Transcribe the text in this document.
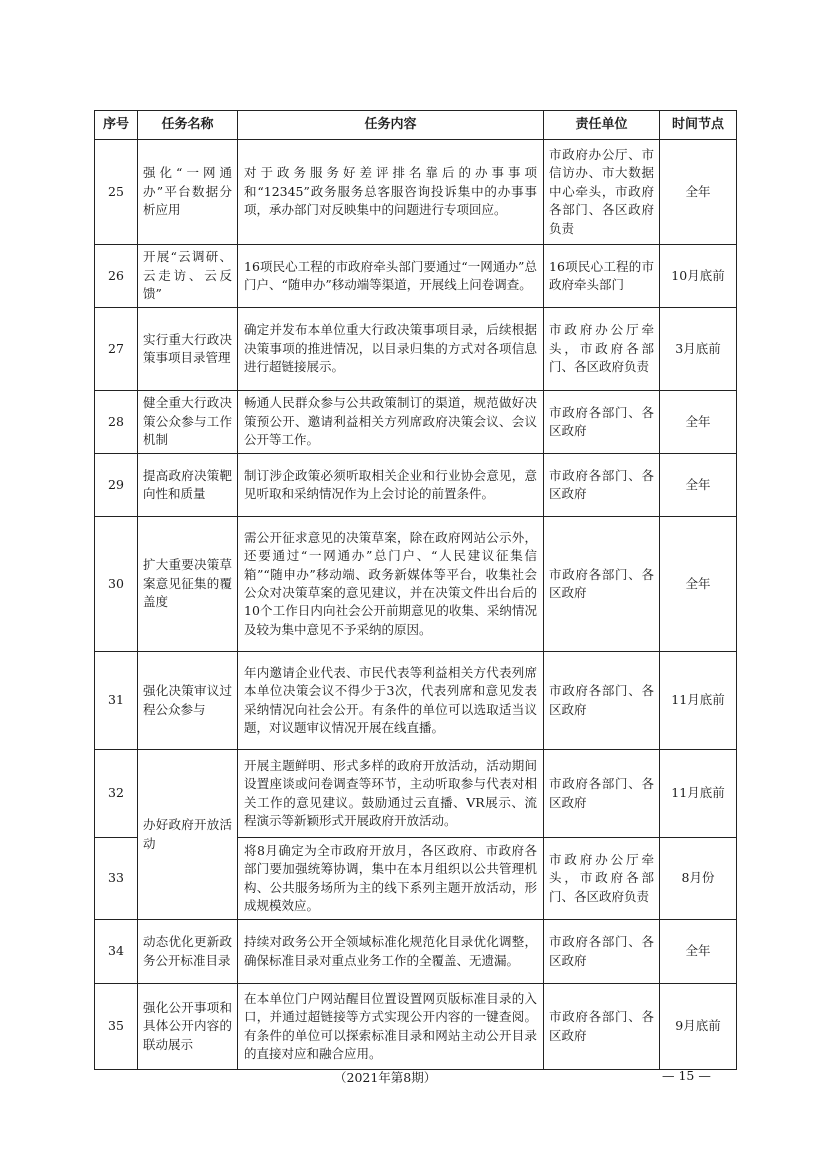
序号	任务名称	任务内容	责任单位	时间节点
25	强化“一网通办”平台数据分析应用	对于政务服务好差评排名靠后的办事事项和“12345”政务服务总客服咨询投诉集中的办事事项，承办部门对反映集中的问题进行专项回应。	市政府办公厅、市信访办、市大数据中心牵头，市政府各部门、各区政府负责	全年
26	开展“云调研、云走访、云反馈”	16项民心工程的市政府牵头部门要通过“一网通办”总门户、“随申办”移动端等渠道，开展线上问卷调查。	16项民心工程的市政府牵头部门	10月底前
27	实行重大行政决策事项目录管理	确定并发布本单位重大行政决策事项目录，后续根据决策事项的推进情况，以目录归集的方式对各项信息进行超链接展示。	市政府办公厅牵头，市政府各部门、各区政府负责	3月底前
28	健全重大行政决策公众参与工作机制	畅通人民群众参与公共政策制订的渠道，规范做好决策预公开、邀请利益相关方列席政府决策会议、会议公开等工作。	市政府各部门、各区政府	全年
29	提高政府决策靶向性和质量	制订涉企政策必须听取相关企业和行业协会意见，意见听取和采纳情况作为上会讨论的前置条件。	市政府各部门、各区政府	全年
30	扩大重要决策草案意见征集的覆盖度	需公开征求意见的决策草案，除在政府网站公示外，还要通过“一网通办”总门户、“人民建议征集信箱”“随申办”移动端、政务新媒体等平台，收集社会公众对决策草案的意见建议，并在决策文件出台后的10个工作日内向社会公开前期意见的收集、采纳情况及较为集中意见不予采纳的原因。	市政府各部门、各区政府	全年
31	强化决策审议过程公众参与	年内邀请企业代表、市民代表等利益相关方代表列席本单位决策会议不得少于3次，代表列席和意见发表采纳情况向社会公开。有条件的单位可以选取适当议题，对议题审议情况开展在线直播。	市政府各部门、各区政府	11月底前
32	办好政府开放活动	开展主题鲜明、形式多样的政府开放活动，活动期间设置座谈或问卷调查等环节，主动听取参与代表对相关工作的意见建议。鼓励通过云直播、VR展示、流程演示等新颖形式开展政府开放活动。	市政府各部门、各区政府	11月底前
33		将8月确定为全市政府开放月，各区政府、市政府各部门要加强统筹协调，集中在本月组织以公共管理机构、公共服务场所为主的线下系列主题开放活动，形成规模效应。	市政府办公厅牵头，市政府各部门、各区政府负责	8月份
34	动态优化更新政务公开标准目录	持续对政务公开全领域标准化规范化目录优化调整，确保标准目录对重点业务工作的全覆盖、无遗漏。	市政府各部门、各区政府	全年
35	强化公开事项和具体公开内容的联动展示	在本单位门户网站醒目位置设置网页版标准目录的入口，并通过超链接等方式实现公开内容的一键查阅。有条件的单位可以探索标准目录和网站主动公开目录的直接对应和融合应用。	市政府各部门、各区政府	9月底前
（2021年第8期）	— 15 —
